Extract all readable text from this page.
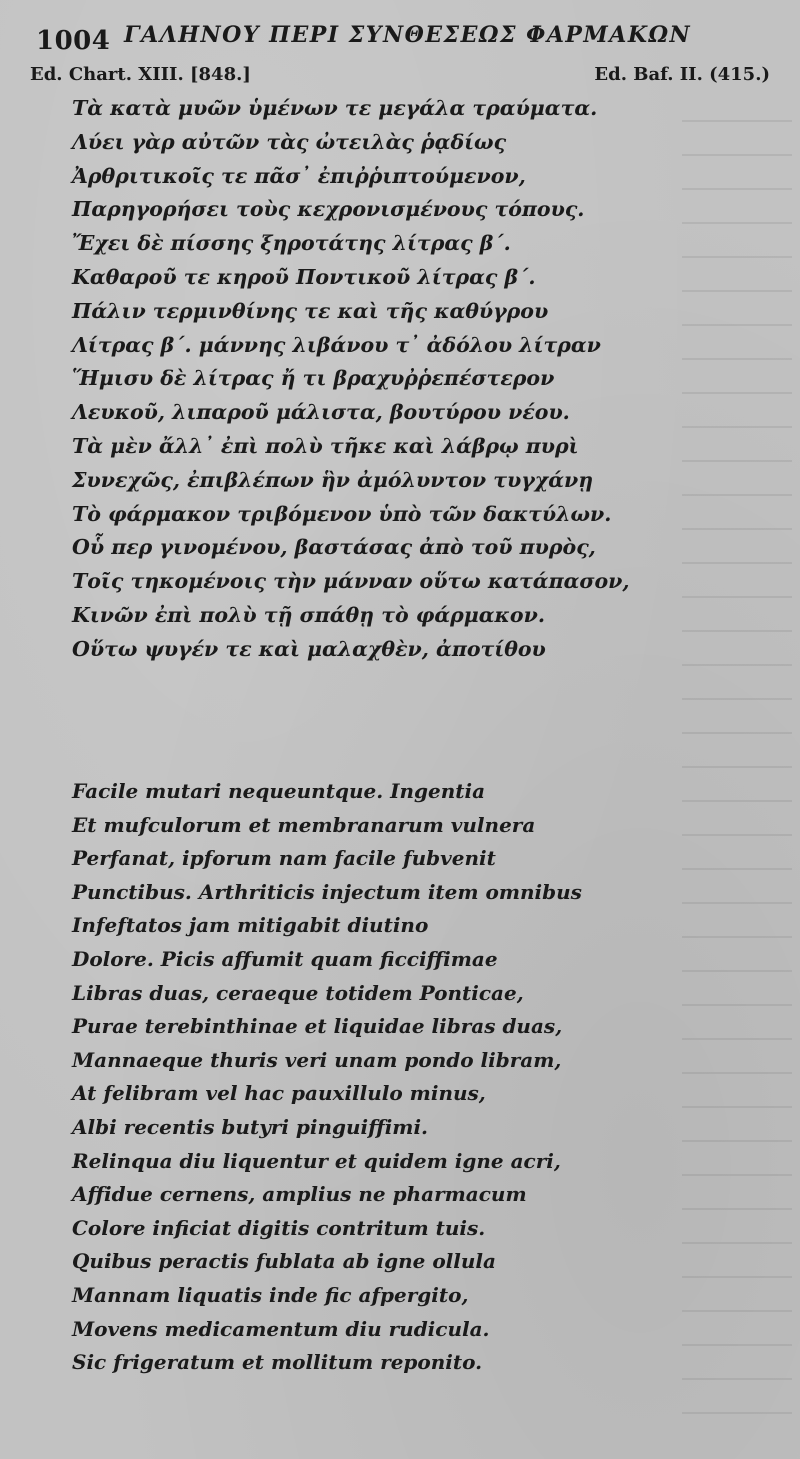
1004 ΓΑΛΗΝΟΥ ΠΕΡΙ ΣΥΝΘΕΣΕΩΣ ΦΑΡΜΑΚΩΝ
Ed. Chart. XIII. [848.]	Ed. Baf. II. (415.)
Τὰ κατὰ μυῶν ὑμένων τε μεγάλα τραύματα.
Λύει γὰρ αὐτῶν τὰς ὠτειλὰς ῥᾳδίως
Ἀρθριτικοῖς τε πᾶσ᾽ ἐπιῤῥιπτούμενον,
Παρηγορήσει τοὺς κεχρονισμένους τόπους.
Ἔχει δὲ πίσσης ξηροτάτης λίτρας β΄.
Καθαροῦ τε κηροῦ Ποντικοῦ λίτρας β΄.
Πάλιν τερμινθίνης τε καὶ τῆς καθύγρου
Λίτρας β΄. μάννης λιβάνου τ᾽ ἀδόλου λίτραν
Ἥμισυ δὲ λίτρας ἤ τι βραχυῤῥεπέστερον
Λευκοῦ, λιπαροῦ μάλιστα, βουτύρου νέου.
Τὰ μὲν ἄλλ᾽ ἐπὶ πολὺ τῆκε καὶ λάβρῳ πυρὶ
Συνεχῶς, ἐπιβλέπων ἣν ἀμόλυντον τυγχάνῃ
Τὸ φάρμακον τριβόμενον ὑπὸ τῶν δακτύλων.
Οὗ περ γινομένου, βαστάσας ἀπὸ τοῦ πυρὸς,
Τοῖς τηκομένοις τὴν μάνναν οὕτω κατάπασον,
Κινῶν ἐπὶ πολὺ τῇ σπάθῃ τὸ φάρμακον.
Οὕτω ψυγέν τε καὶ μαλαχθὲν, ἀποτίθου
Facile mutari nequeuntque. Ingentia
Et mufculorum et membranarum vulnera
Perfanat, ipforum nam facile fubvenit
Punctibus. Arthriticis injectum item omnibus
Infeftatos jam mitigabit diutino
Dolore. Picis affumit quam ficciffimae
Libras duas, ceraeque totidem Ponticae,
Purae terebinthinae et liquidae libras duas,
Mannaeque thuris veri unam pondo libram,
At felibram vel hac pauxillulo minus,
Albi recentis butyri pinguiffimi.
Relinqua diu liquentur et quidem igne acri,
Affidue cernens, amplius ne pharmacum
Colore inficiat digitis contritum tuis.
Quibus peractis fublata ab igne ollula
Mannam liquatis inde fic afpergito,
Movens medicamentum diu rudicula.
Sic frigeratum et mollitum reponito.
